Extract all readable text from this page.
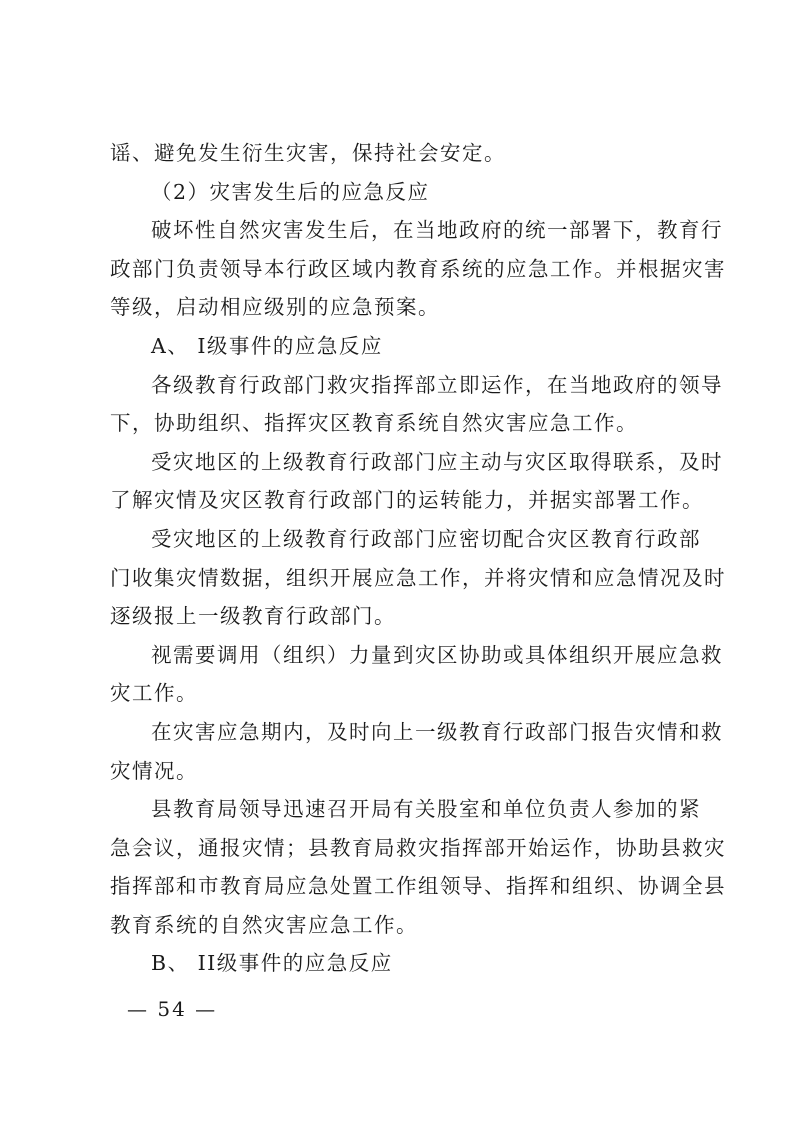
谣、避免发生衍生灾害，保持社会安定。
（2）灾害发生后的应急反应
破坏性自然灾害发生后，在当地政府的统一部署下，教育行
政部门负责领导本行政区域内教育系统的应急工作。并根据灾害
等级，启动相应级别的应急预案。
A、 I级事件的应急反应
各级教育行政部门救灾指挥部立即运作，在当地政府的领导
下，协助组织、指挥灾区教育系统自然灾害应急工作。
受灾地区的上级教育行政部门应主动与灾区取得联系，及时
了解灾情及灾区教育行政部门的运转能力，并据实部署工作。
受灾地区的上级教育行政部门应密切配合灾区教育行政部
门收集灾情数据，组织开展应急工作，并将灾情和应急情况及时
逐级报上一级教育行政部门。
视需要调用（组织）力量到灾区协助或具体组织开展应急救
灾工作。
在灾害应急期内，及时向上一级教育行政部门报告灾情和救
灾情况。
县教育局领导迅速召开局有关股室和单位负责人参加的紧
急会议，通报灾情；县教育局救灾指挥部开始运作，协助县救灾
指挥部和市教育局应急处置工作组领导、指挥和组织、协调全县
教育系统的自然灾害应急工作。
B、 II级事件的应急反应
— 54 —
